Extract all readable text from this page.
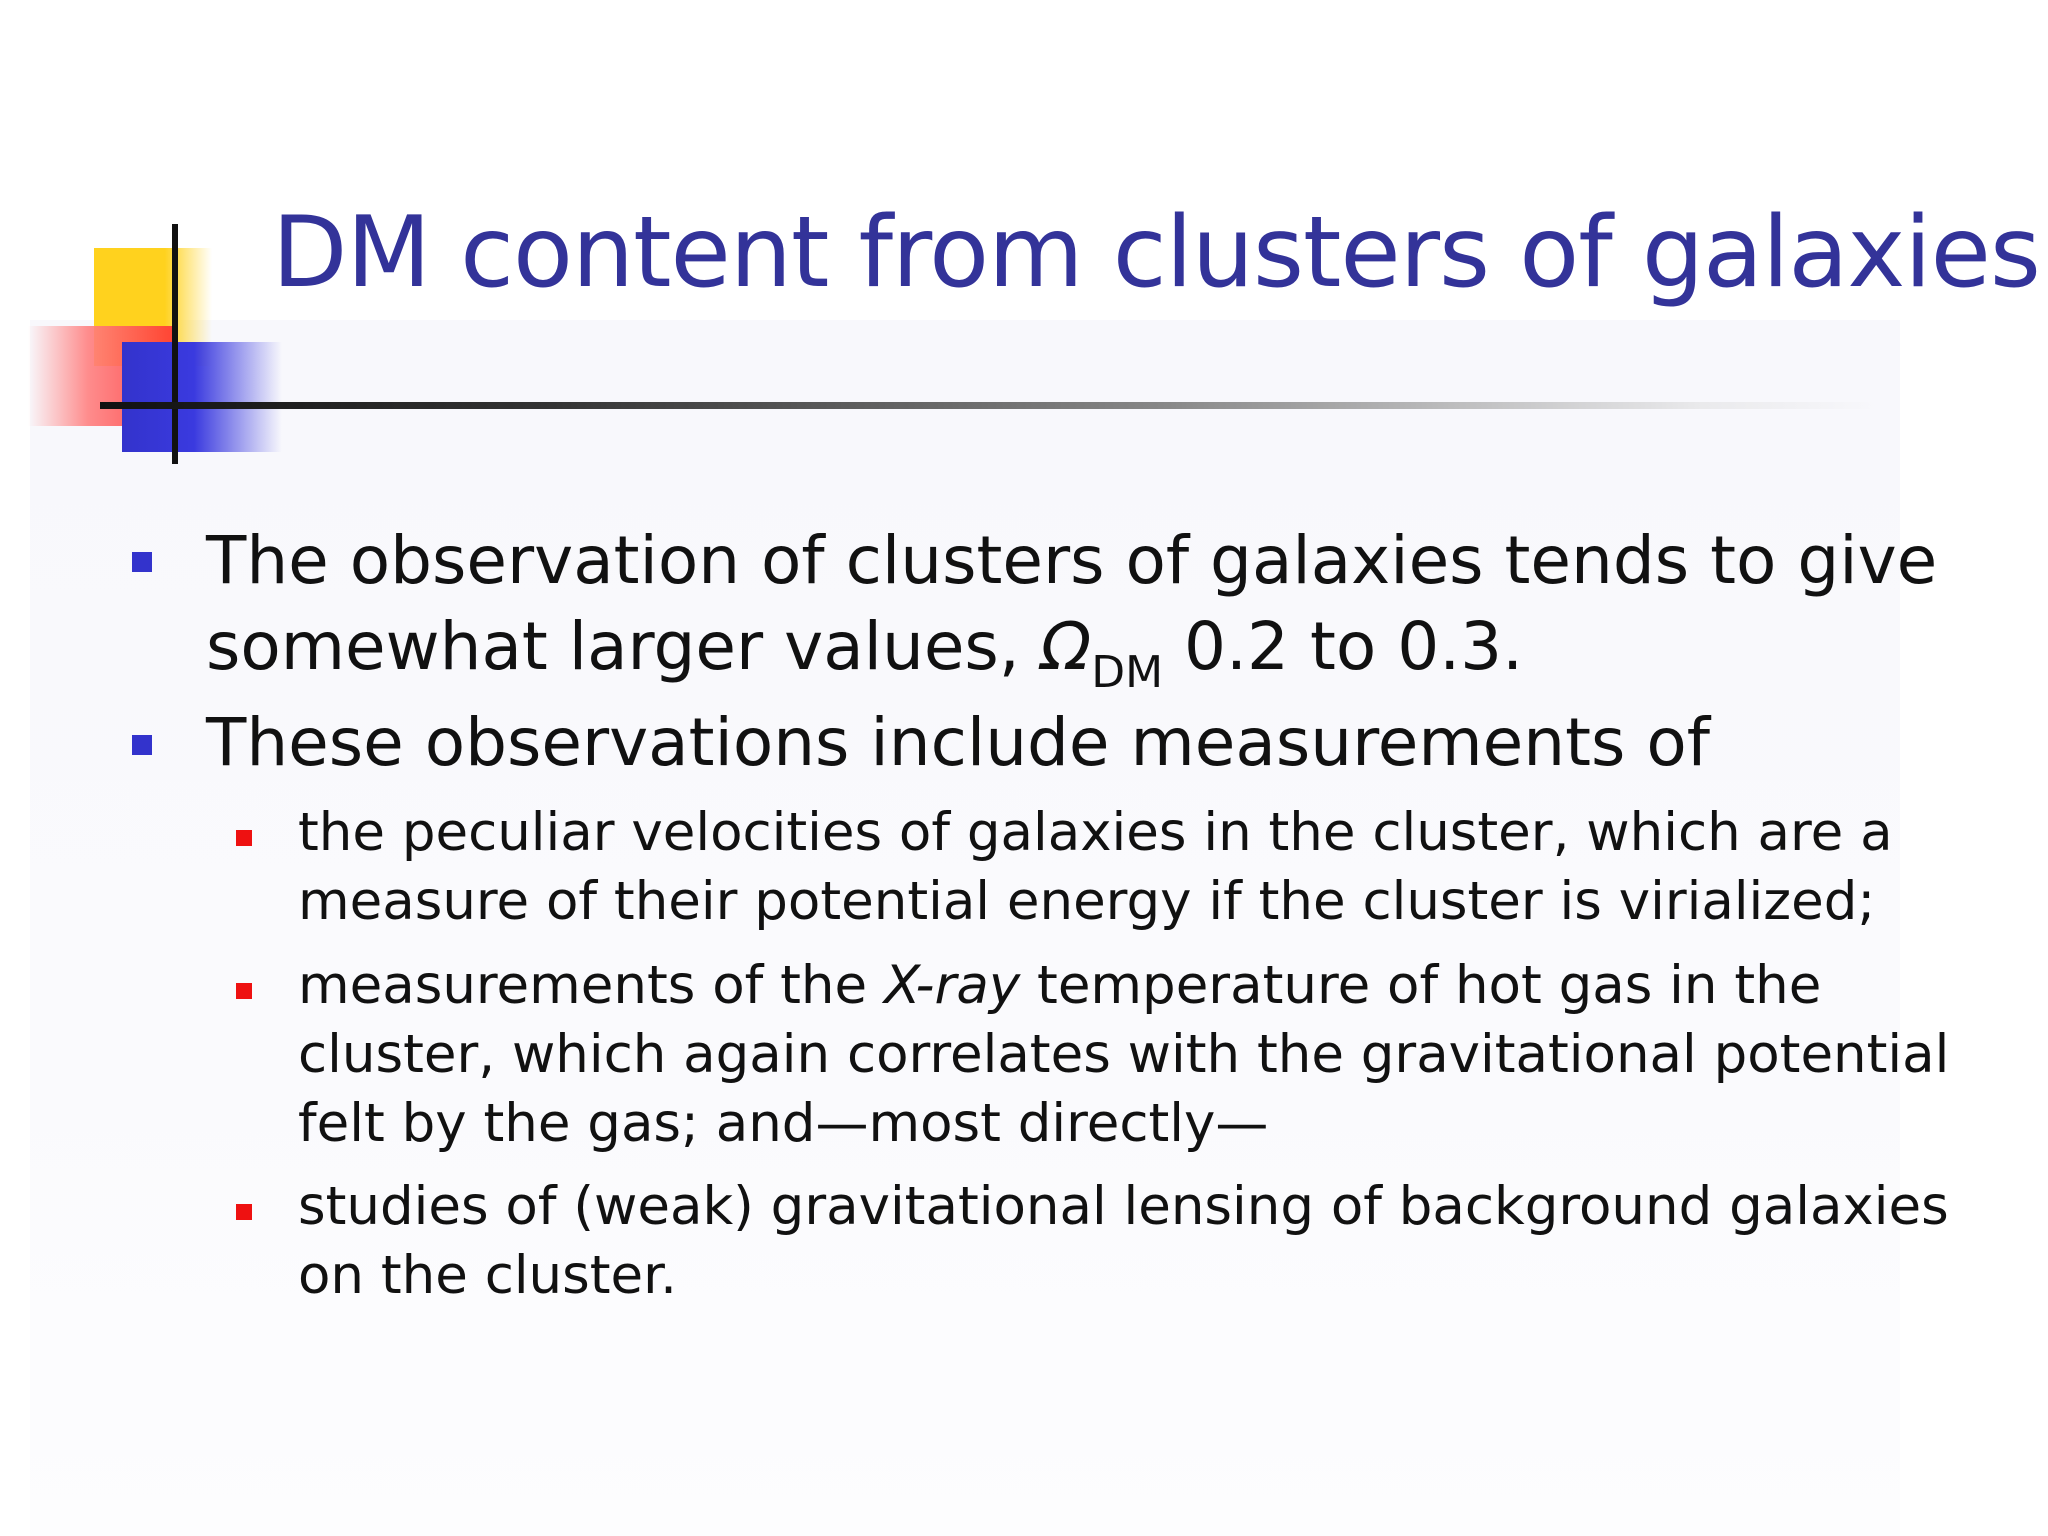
DM content from clusters of galaxies

The observation of clusters of galaxies tends to give somewhat larger values, $\Omega_{DM}$ 0.2 to 0.3.

These observations include measurements of

the peculiar velocities of galaxies in the cluster, which are a measure of their potential energy if the cluster is virialized;

measurements of the X-ray temperature of hot gas in the cluster, which again correlates with the gravitational potential felt by the gas; and—most directly—

studies of (weak) gravitational lensing of background galaxies on the cluster.
